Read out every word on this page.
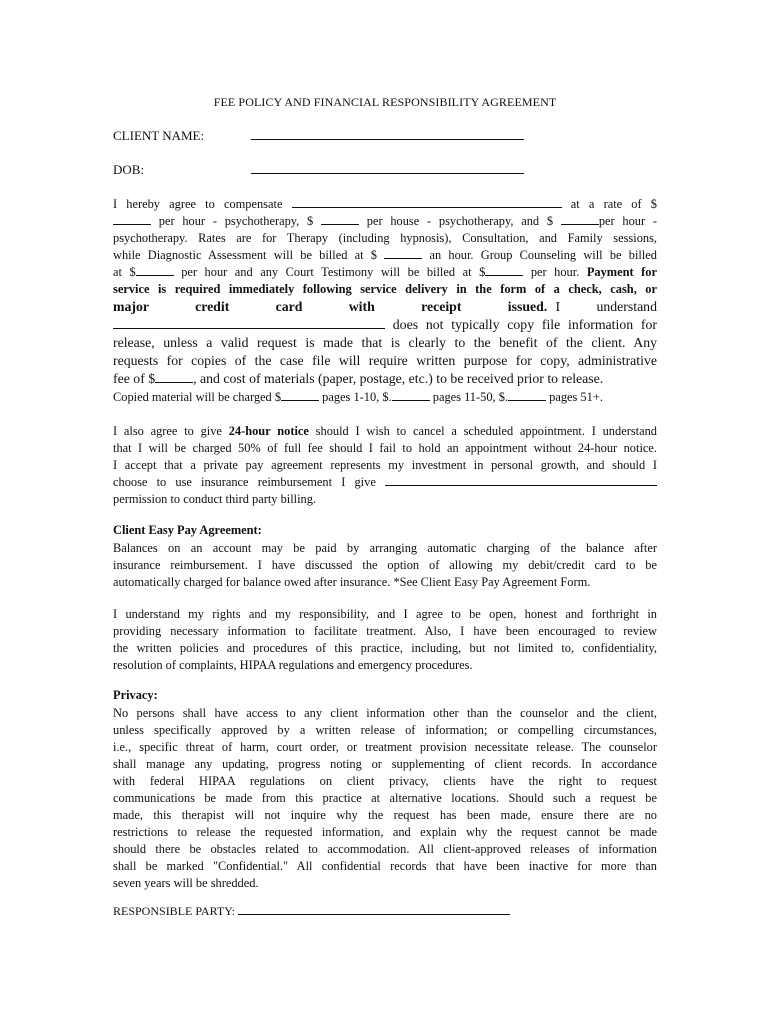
FEE POLICY AND FINANCIAL RESPONSIBILITY AGREEMENT
CLIENT NAME:
DOB:
I hereby agree to compensate	at a rate of $
per hour - psychotherapy, $	per house - psychotherapy, and $	per hour -
psychotherapy. Rates are for Therapy (including hypnosis), Consultation, and Family sessions,
while Diagnostic Assessment will be billed at $	an hour. Group Counseling will be billed
at $	per hour and any Court Testimony will be billed at $	per hour. Payment for
service is required immediately following service delivery in the form of a check, cash, or
major credit card with receipt issued. I understand
does not typically copy file information for
release, unless a valid request is made that is clearly to the benefit of the client. Any
requests for copies of the case file will require written purpose for copy, administrative
fee of $	, and cost of materials (paper, postage, etc.) to be received prior to release.
Copied material will be charged $	pages 1-10, $.	pages 11-50, $.	pages 51+.
I also agree to give 24-hour notice should I wish to cancel a scheduled appointment. I understand
that I will be charged 50% of full fee should I fail to hold an appointment without 24-hour notice.
I accept that a private pay agreement represents my investment in personal growth, and should I
choose to use insurance reimbursement I give
permission to conduct third party billing.
Client Easy Pay Agreement:
Balances on an account may be paid by arranging automatic charging of the balance after
insurance reimbursement. I have discussed the option of allowing my debit/credit card to be
automatically charged for balance owed after insurance. *See Client Easy Pay Agreement Form.
I understand my rights and my responsibility, and I agree to be open, honest and forthright in
providing necessary information to facilitate treatment. Also, I have been encouraged to review
the written policies and procedures of this practice, including, but not limited to, confidentiality,
resolution of complaints, HIPAA regulations and emergency procedures.
Privacy:
No persons shall have access to any client information other than the counselor and the client,
unless specifically approved by a written release of information; or compelling circumstances,
i.e., specific threat of harm, court order, or treatment provision necessitate release. The counselor
shall manage any updating, progress noting or supplementing of client records. In accordance
with federal HIPAA regulations on client privacy, clients have the right to request
communications be made from this practice at alternative locations. Should such a request be
made, this therapist will not inquire why the request has been made, ensure there are no
restrictions to release the requested information, and explain why the request cannot be made
should there be obstacles related to accommodation. All client-approved releases of information
shall be marked "Confidential." All confidential records that have been inactive for more than
seven years will be shredded.
RESPONSIBLE PARTY:
